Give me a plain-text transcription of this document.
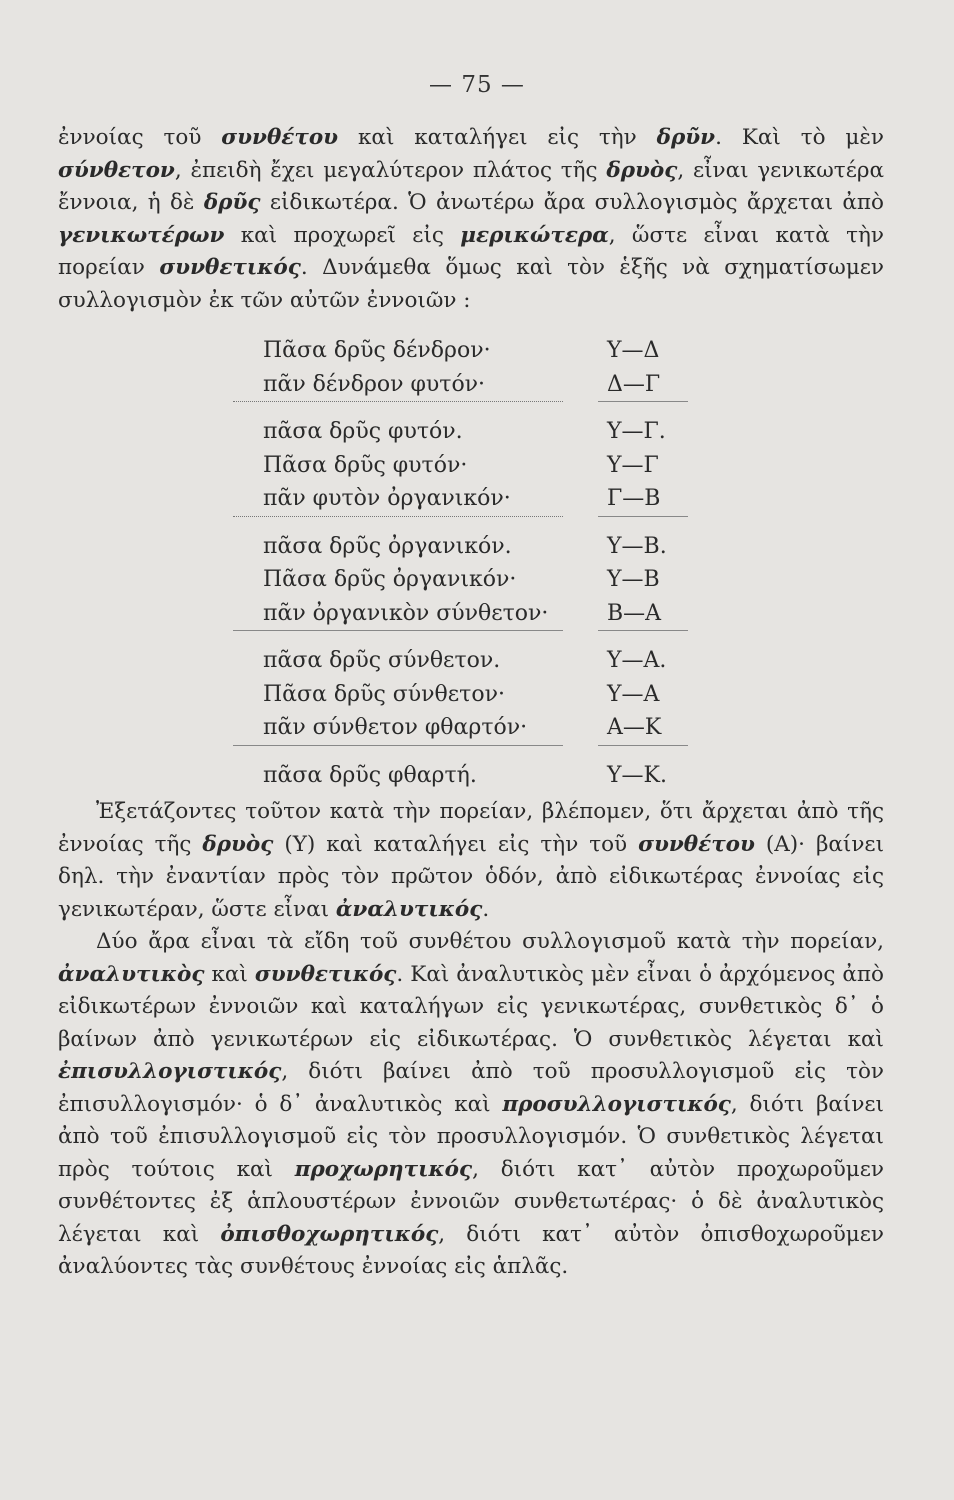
— 75 —

ἐννοίας τοῦ συνθέτου καὶ καταλήγει εἰς τὴν δρῦν. Καὶ τὸ μὲν σύνθετον, ἐπειδὴ ἔχει μεγαλύτερον πλάτος τῆς δρυὸς, εἶναι γενικωτέρα ἔννοια, ἡ δὲ δρῦς εἰδικωτέρα. Ὁ ἀνωτέρω ἄρα συλλογισμὸς ἄρχεται ἀπὸ γενικωτέρων καὶ προχωρεῖ εἰς μερικώτερα, ὥστε εἶναι κατὰ τὴν πορείαν συνθετικός. Δυνάμεθα ὅμως καὶ τὸν ἑξῆς νὰ σχηματίσωμεν συλλογισμὸν ἐκ τῶν αὐτῶν ἐννοιῶν :

Πᾶσα δρῦς δένδρον·	Υ—Δ
πᾶν δένδρον φυτόν·	Δ—Γ
πᾶσα δρῦς φυτόν.	Υ—Γ.
Πᾶσα δρῦς φυτόν·	Υ—Γ
πᾶν φυτὸν ὀργανικόν·	Γ—Β
πᾶσα δρῦς ὀργανικόν.	Υ—Β.
Πᾶσα δρῦς ὀργανικόν·	Υ—Β
πᾶν ὀργανικὸν σύνθετον·	Β—Α
πᾶσα δρῦς σύνθετον.	Υ—Α.
Πᾶσα δρῦς σύνθετον·	Υ—Α
πᾶν σύνθετον φθαρτόν·	Α—Κ
πᾶσα δρῦς φθαρτή.	Υ—Κ.

Ἐξετάζοντες τοῦτον κατὰ τὴν πορείαν, βλέπομεν, ὅτι ἄρχεται ἀπὸ τῆς ἐννοίας τῆς δρυὸς (Υ) καὶ καταλήγει εἰς τὴν τοῦ συνθέτου (Α)· βαίνει δηλ. τὴν ἐναντίαν πρὸς τὸν πρῶτον ὁδόν, ἀπὸ εἰδικωτέρας ἐννοίας εἰς γενικωτέραν, ὥστε εἶναι ἀναλυτικός.

Δύο ἄρα εἶναι τὰ εἴδη τοῦ συνθέτου συλλογισμοῦ κατὰ τὴν πορείαν, ἀναλυτικὸς καὶ συνθετικός. Καὶ ἀναλυτικὸς μὲν εἶναι ὁ ἀρχόμενος ἀπὸ εἰδικωτέρων ἐννοιῶν καὶ καταλήγων εἰς γενικωτέρας, συνθετικὸς δ᾽ ὁ βαίνων ἀπὸ γενικωτέρων εἰς εἰδικωτέρας. Ὁ συνθετικὸς λέγεται καὶ ἐπισυλλογιστικός, διότι βαίνει ἀπὸ τοῦ προσυλλογισμοῦ εἰς τὸν ἐπισυλλογισμόν· ὁ δ᾽ ἀναλυτικὸς καὶ προσυλλογιστικός, διότι βαίνει ἀπὸ τοῦ ἐπισυλλογισμοῦ εἰς τὸν προσυλλογισμόν. Ὁ συνθετικὸς λέγεται πρὸς τούτοις καὶ προχωρητικός, διότι κατ᾽ αὐτὸν προχωροῦμεν συνθέτοντες ἐξ ἁπλουστέρων ἐννοιῶν συνθετωτέρας· ὁ δὲ ἀναλυτικὸς λέγεται καὶ ὀπισθοχωρητικός, διότι κατ᾽ αὐτὸν ὀπισθοχωροῦμεν ἀναλύοντες τὰς συνθέτους ἐννοίας εἰς ἁπλᾶς.
